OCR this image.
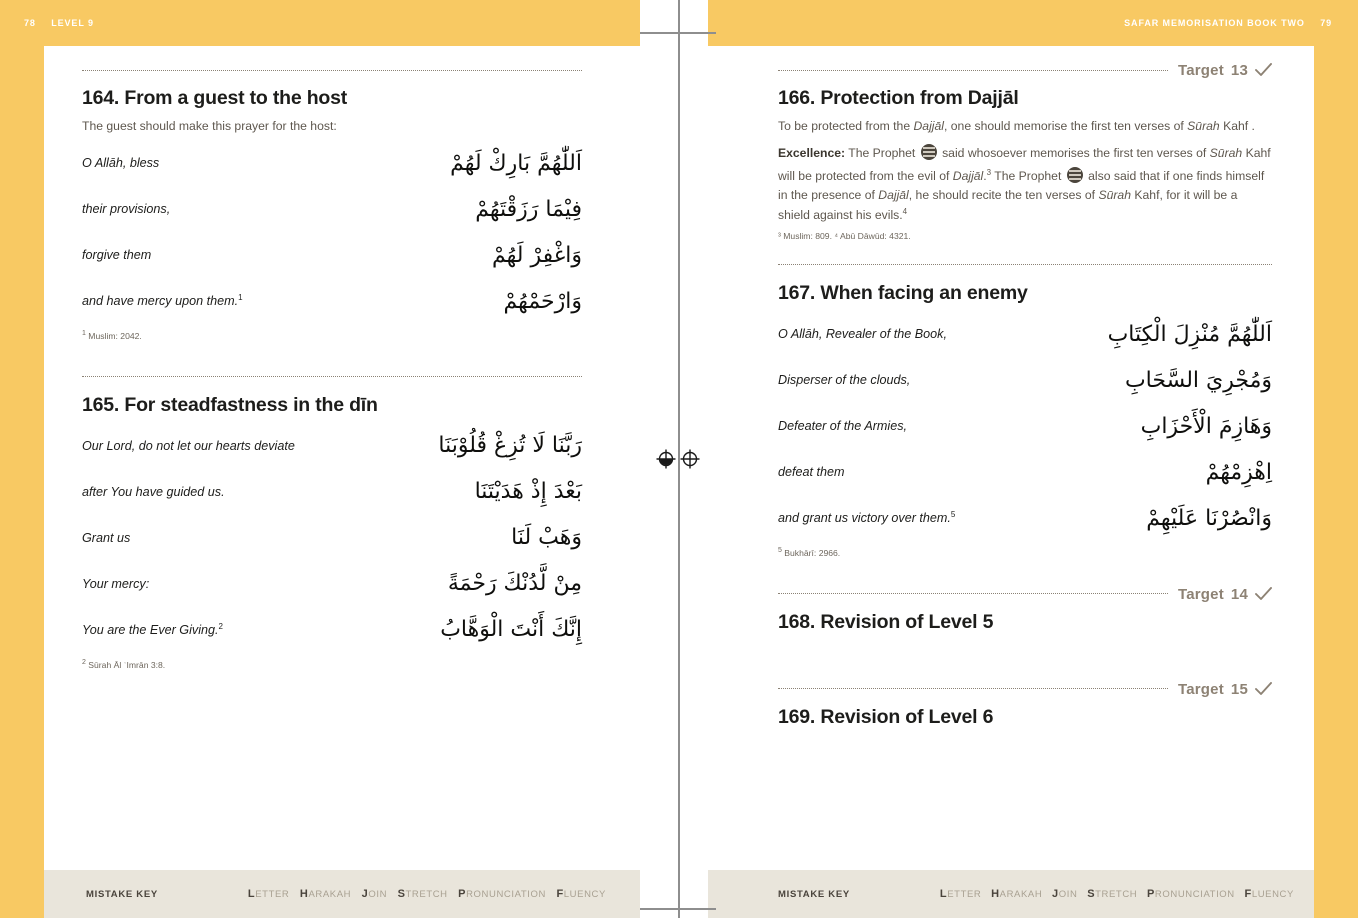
78 LEVEL 9
164. From a guest to the host

The guest should make this prayer for the host:

O Allāh, bless	اَللّٰهُمَّ بَارِكْ لَهُمْ
their provisions,	فِيْمَا رَزَقْتَهُمْ
forgive them	وَاغْفِرْ لَهُمْ
and have mercy upon them.$^1$	وَارْحَمْهُمْ

$^1$ Muslim: 2042.

165. For steadfastness in the dīn
Our Lord, do not let our hearts deviate	رَبَّنَا لَا تُزِغْ قُلُوْبَنَا
after You have guided us.	بَعْدَ إِذْ هَدَيْتَنَا
Grant us	وَهَبْ لَنَا
Your mercy:	مِنْ لَّدُنْكَ رَحْمَةً
You are the Ever Giving.$^2$	إِنَّكَ أَنْتَ الْوَهَّابُ

$^2$ Sūrah Āl ʿImrān 3:8.

MISTAKE KEY	LETTER HARAKAH JOIN STRETCH PRONUNCIATION FLUENCY
SAFAR MEMORISATION BOOK TWO 79
Target 13
166. Protection from Dajjāl

To be protected from the Dajjāl, one should memorise the first ten verses of Sūrah Kahf .

Excellence: The Prophet  said whosoever memorises the first ten verses of Sūrah Kahf will be protected from the evil of Dajjāl.$^3$ The Prophet  also said that if one finds himself in the presence of Dajjāl, he should recite the ten verses of Sūrah Kahf, for it will be a shield against his evils.$^4$

³ Muslim: 809. ⁴ Abū Dāwūd: 4321.

167. When facing an enemy
O Allāh, Revealer of the Book,	اَللّٰهُمَّ مُنْزِلَ الْكِتَابِ
Disperser of the clouds,	وَمُجْرِيَ السَّحَابِ
Defeater of the Armies,	وَهَازِمَ الْأَحْزَابِ
defeat them	اِهْزِمْهُمْ
and grant us victory over them.$^5$	وَانْصُرْنَا عَلَيْهِمْ

$^5$ Bukhārī: 2966.

Target 14
168. Revision of Level 5
Target 15
169. Revision of Level 6
MISTAKE KEY	LETTER HARAKAH JOIN STRETCH PRONUNCIATION FLUENCY
